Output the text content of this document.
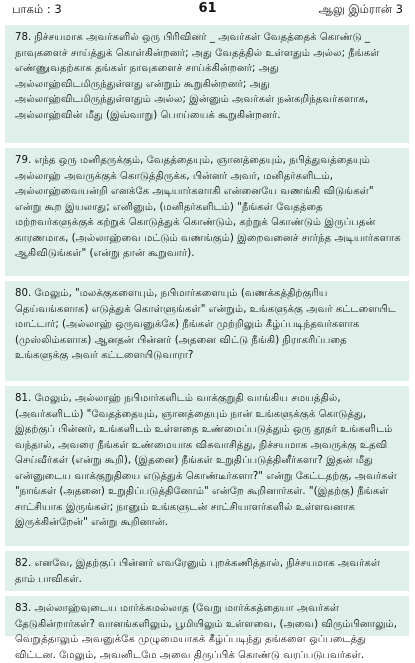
பாகம் : 3	61	ஆலு இம்ரான் 3

78. நிச்சயமாக அவர்களில் ஒரு பிரிவினர் _ அவர்கள் வேதத்தைக் கொண்டு _ நாவுகளைச் சாய்த்துக் கொள்கின்றனர்; அது வேதத்தில் உள்ளதும் அல்ல; நீங்கள் எண்ணுவதற்காக தங்கள் நாவுகளைச் சாய்க்கின்றனர்; அது அல்லாஹ்விடமிருந்துள்ளது என்றும் கூறுகின்றனர்; அது அல்லாஹ்விடமிருந்துள்ளதும் அல்ல; இன்னும் அவர்கள் நன்கறிந்தவர்களாக, அல்லாஹ்வின் மீது (இவ்வாறு) பொய்யைக் கூறுகின்றனர்.

79. எந்த ஒரு மனிதருக்கும், வேதத்தையும், ஞானத்தையும், நபித்துவத்தையும் அல்லாஹ் அவருக்குக் கொடுத்திருக்க, பின்னர் அவர், மனிதர்களிடம், அல்லாஹ்வையன்றி எனக்கே அடியார்களாகி என்னையே வணங்கி விடுங்கள்" என்று கூற இயலாது; எனினும், (மனிதர்களிடம்) "நீங்கள் வேதத்தை மற்றவர்களுக்குக் கற்றுக் கொடுத்துக் கொண்டும், கற்றுக் கொண்டும் இருப்பதன் காரணமாக, (அல்லாஹ்வை மட்டும் வணங்கும்) இறைவனைச் சார்ந்த அடியார்களாக ஆகிவிடுங்கள்" (என்று தான் கூறுவார்).

80. மேலும், "மலக்குகளையும், நபிமார்களையும் (வணக்கத்திற்குரிய தெய்வங்களாக) எடுத்துக் கொள்ளுங்கள்" என்றும், உங்களுக்கு அவர் கட்டளையிட மாட்டார்; (அல்லாஹ் ஒருவனுக்கே) நீங்கள் முற்றிலும் கீழ்ப்படிந்தவர்களாக (முஸ்லிம்களாக) ஆனதன் பின்னர் (அதனை விட்டு நீங்கி) நிராகரிப்பதை உங்களுக்கு அவர் கட்டளையிடுவாரா?

81. மேலும், அல்லாஹ் நபிமார்களிடம் வாக்குறுதி வாங்கிய சமயத்தில், (அவர்களிடம்) "வேதத்தையும், ஞானத்தையும் நான் உங்களுக்குக் கொடுத்து, இதற்குப் பின்னர், உங்களிடம் உள்ளதை உண்மைப்படுத்தும் ஒரு தூதர் உங்களிடம் வந்தால், அவரை நீங்கள் உண்மையாக விசுவாசித்து, நிச்சயமாக அவருக்கு உதவி செய்வீர்கள் (என்று கூறி), (இதனை) நீங்கள் உறுதிப்படுத்தினீர்களா? இதன் மீது என்னுடைய வாக்குறுதியை எடுத்துக் கொண்டீர்களா?" என்று கேட்டதற்கு, அவர்கள் "நாங்கள் (அதனை) உறுதிப்படுத்தினோம்" என்றே கூறினார்கள். "(இதற்கு) நீங்கள் சாட்சியாக இருங்கள்; நானும் உங்களுடன் சாட்சியாளர்களில் உள்ளவனாக இருக்கின்றேன்" என்று கூறினான்.

82. எனவே, இதற்குப் பின்னர் எவரேனும் புறக்கணித்தால், நிச்சயமாக அவர்கள் தாம் பாவிகள்.

83. அல்லாஹ்வுடைய மார்க்கமல்லாத (வேறு மார்க்கத்தையா அவர்கள் தேடுகின்றார்கள்? வானங்களிலும், பூமியிலும் உள்ளவை, (அவை) விரும்பினாலும், வெறுத்தாலும் அவனுக்கே முழுமையாகக் கீழ்ப்படிந்து தங்களை ஒப்படைத்து விட்டன. மேலும், அவனிடமே அவை திருப்பிக் கொண்டு வரப்படுபவர்கள்.
